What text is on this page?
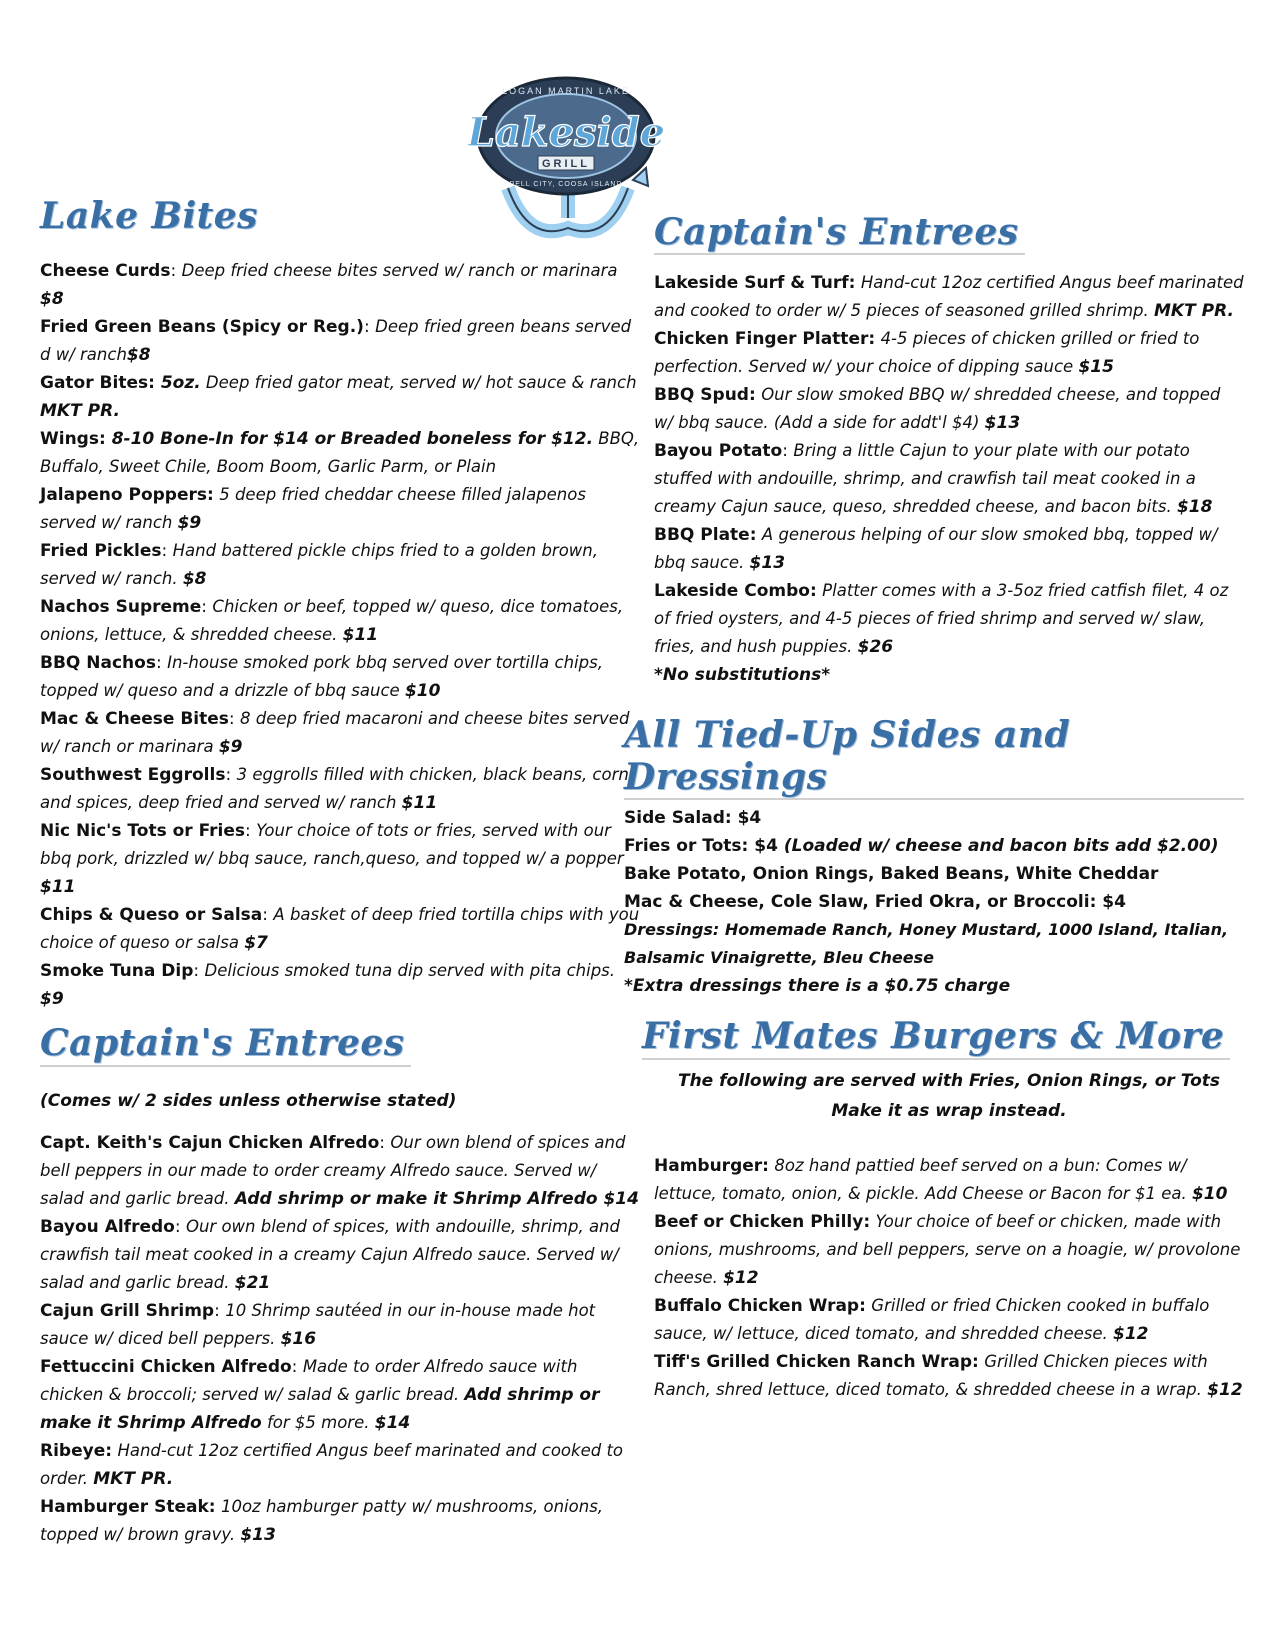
LOGAN MARTIN LAKE
Lakeside
GRILL
PELL CITY, COOSA ISLAND
Lake Bites
Cheese Curds: Deep fried cheese bites served w/ ranch or marinara $8
Fried Green Beans (Spicy or Reg.): Deep fried green beans served d w/ ranch$8
Gator Bites: 5oz. Deep fried gator meat, served w/ hot sauce & ranch MKT PR.
Wings: 8-10 Bone-In for $14 or Breaded boneless for $12. BBQ, Buffalo, Sweet Chile, Boom Boom, Garlic Parm, or Plain
Jalapeno Poppers: 5 deep fried cheddar cheese filled jalapenos served w/ ranch $9
Fried Pickles: Hand battered pickle chips fried to a golden brown, served w/ ranch. $8
Nachos Supreme: Chicken or beef, topped w/ queso, dice tomatoes, onions, lettuce, & shredded cheese. $11
BBQ Nachos: In-house smoked pork bbq served over tortilla chips, topped w/ queso and a drizzle of bbq sauce $10
Mac & Cheese Bites: 8 deep fried macaroni and cheese bites served w/ ranch or marinara $9
Southwest Eggrolls: 3 eggrolls filled with chicken, black beans, corn, and spices, deep fried and served w/ ranch $11
Nic Nic's Tots or Fries: Your choice of tots or fries, served with our bbq pork, drizzled w/ bbq sauce, ranch,queso, and topped w/ a popper $11
Chips & Queso or Salsa: A basket of deep fried tortilla chips with you choice of queso or salsa $7
Smoke Tuna Dip: Delicious smoked tuna dip served with pita chips. $9
Captain's Entrees
(Comes w/ 2 sides unless otherwise stated)
Capt. Keith's Cajun Chicken Alfredo: Our own blend of spices and bell peppers in our made to order creamy Alfredo sauce. Served w/ salad and garlic bread. Add shrimp or make it Shrimp Alfredo $14
Bayou Alfredo: Our own blend of spices, with andouille, shrimp, and crawfish tail meat cooked in a creamy Cajun Alfredo sauce. Served w/ salad and garlic bread. $21
Cajun Grill Shrimp: 10 Shrimp sautéed in our in-house made hot sauce w/ diced bell peppers. $16
Fettuccini Chicken Alfredo: Made to order Alfredo sauce with chicken & broccoli; served w/ salad & garlic bread. Add shrimp or make it Shrimp Alfredo for $5 more. $14
Ribeye: Hand-cut 12oz certified Angus beef marinated and cooked to order. MKT PR.
Hamburger Steak: 10oz hamburger patty w/ mushrooms, onions, topped w/ brown gravy. $13
Captain's Entrees
Lakeside Surf & Turf: Hand-cut 12oz certified Angus beef marinated and cooked to order w/ 5 pieces of seasoned grilled shrimp. MKT PR.
Chicken Finger Platter: 4-5 pieces of chicken grilled or fried to perfection. Served w/ your choice of dipping sauce $15
BBQ Spud: Our slow smoked BBQ w/ shredded cheese, and topped w/ bbq sauce. (Add a side for addt'l $4) $13
Bayou Potato: Bring a little Cajun to your plate with our potato stuffed with andouille, shrimp, and crawfish tail meat cooked in a creamy Cajun sauce, queso, shredded cheese, and bacon bits. $18
BBQ Plate: A generous helping of our slow smoked bbq, topped w/ bbq sauce. $13
Lakeside Combo: Platter comes with a 3-5oz fried catfish filet, 4 oz of fried oysters, and 4-5 pieces of fried shrimp and served w/ slaw, fries, and hush puppies. $26
*No substitutions*
All Tied-Up Sides and Dressings
Side Salad: $4
Fries or Tots: $4 (Loaded w/ cheese and bacon bits add $2.00)
Bake Potato, Onion Rings, Baked Beans, White Cheddar
Mac & Cheese, Cole Slaw, Fried Okra, or Broccoli: $4
Dressings: Homemade Ranch, Honey Mustard, 1000 Island, Italian, Balsamic Vinaigrette, Bleu Cheese
*Extra dressings there is a $0.75 charge
First Mates Burgers & More
The following are served with Fries, Onion Rings, or Tots
Make it as wrap instead.
Hamburger: 8oz hand pattied beef served on a bun: Comes w/ lettuce, tomato, onion, & pickle. Add Cheese or Bacon for $1 ea. $10
Beef or Chicken Philly: Your choice of beef or chicken, made with onions, mushrooms, and bell peppers, serve on a hoagie, w/ provolone cheese. $12
Buffalo Chicken Wrap: Grilled or fried Chicken cooked in buffalo sauce, w/ lettuce, diced tomato, and shredded cheese. $12
Tiff's Grilled Chicken Ranch Wrap: Grilled Chicken pieces with Ranch, shred lettuce, diced tomato, & shredded cheese in a wrap. $12
